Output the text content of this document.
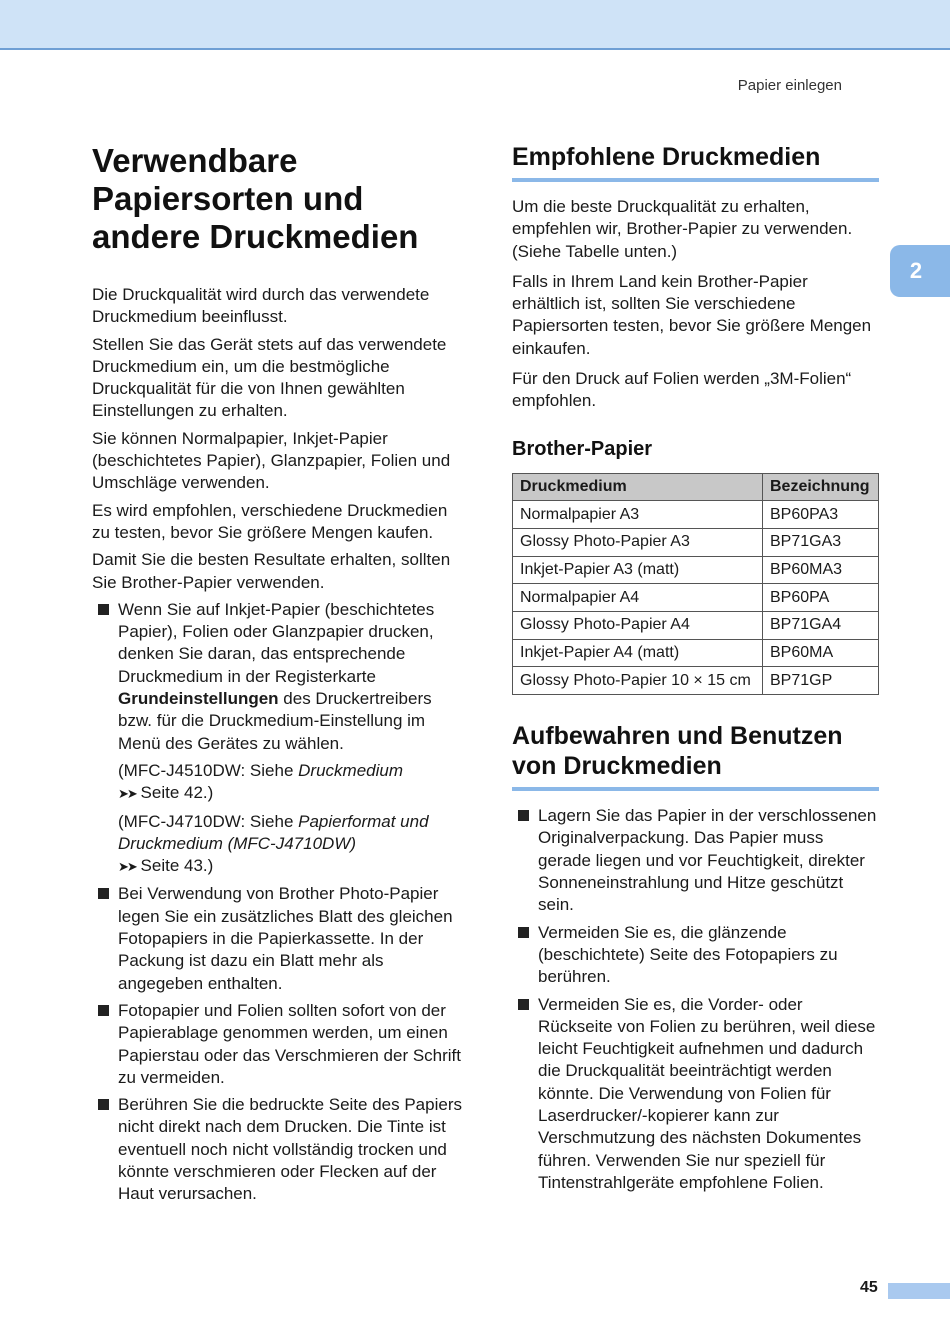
Papier einlegen
2
Verwendbare Papiersorten und andere Druckmedien

Die Druckqualität wird durch das verwendete Druckmedium beeinflusst.

Stellen Sie das Gerät stets auf das verwendete Druckmedium ein, um die bestmögliche Druckqualität für die von Ihnen gewählten Einstellungen zu erhalten.

Sie können Normalpapier, Inkjet-Papier (beschichtetes Papier), Glanzpapier, Folien und Umschläge verwenden.

Es wird empfohlen, verschiedene Druckmedien zu testen, bevor Sie größere Mengen kaufen.

Damit Sie die besten Resultate erhalten, sollten Sie Brother-Papier verwenden.

Wenn Sie auf Inkjet-Papier (beschichtetes Papier), Folien oder Glanzpapier drucken, denken Sie daran, das entsprechende Druckmedium in der Registerkarte Grundeinstellungen des Druckertreibers bzw. für die Druckmedium-Einstellung im Menü des Gerätes zu wählen.

(MFC-J4510DW: Siehe Druckmedium
➤➤ Seite 42.)

(MFC-J4710DW: Siehe Papierformat und Druckmedium (MFC-J4710DW)
➤➤ Seite 43.)

Bei Verwendung von Brother Photo-Papier legen Sie ein zusätzliches Blatt des gleichen Fotopapiers in die Papierkassette. In der Packung ist dazu ein Blatt mehr als angegeben enthalten.
Fotopapier und Folien sollten sofort von der Papierablage genommen werden, um einen Papierstau oder das Verschmieren der Schrift zu vermeiden.
Berühren Sie die bedruckte Seite des Papiers nicht direkt nach dem Drucken. Die Tinte ist eventuell noch nicht vollständig trocken und könnte verschmieren oder Flecken auf der Haut verursachen.
Empfohlene Druckmedien

Um die beste Druckqualität zu erhalten, empfehlen wir, Brother-Papier zu verwenden. (Siehe Tabelle unten.)

Falls in Ihrem Land kein Brother-Papier erhältlich ist, sollten Sie verschiedene Papiersorten testen, bevor Sie größere Mengen einkaufen.

Für den Druck auf Folien werden „3M-Folien“ empfohlen.

Brother-Papier
Druckmedium	Bezeichnung
Normalpapier A3	BP60PA3
Glossy Photo-Papier A3	BP71GA3
Inkjet-Papier A3 (matt)	BP60MA3
Normalpapier A4	BP60PA
Glossy Photo-Papier A4	BP71GA4
Inkjet-Papier A4 (matt)	BP60MA
Glossy Photo-Papier 10 × 15 cm	BP71GP
Aufbewahren und Benutzen von Druckmedien
Lagern Sie das Papier in der verschlossenen Originalverpackung. Das Papier muss gerade liegen und vor Feuchtigkeit, direkter Sonneneinstrahlung und Hitze geschützt sein.
Vermeiden Sie es, die glänzende (beschichtete) Seite des Fotopapiers zu berühren.
Vermeiden Sie es, die Vorder- oder Rückseite von Folien zu berühren, weil diese leicht Feuchtigkeit aufnehmen und dadurch die Druckqualität beeinträchtigt werden könnte. Die Verwendung von Folien für Laserdrucker/-kopierer kann zur Verschmutzung des nächsten Dokumentes führen. Verwenden Sie nur speziell für Tintenstrahlgeräte empfohlene Folien.
45
